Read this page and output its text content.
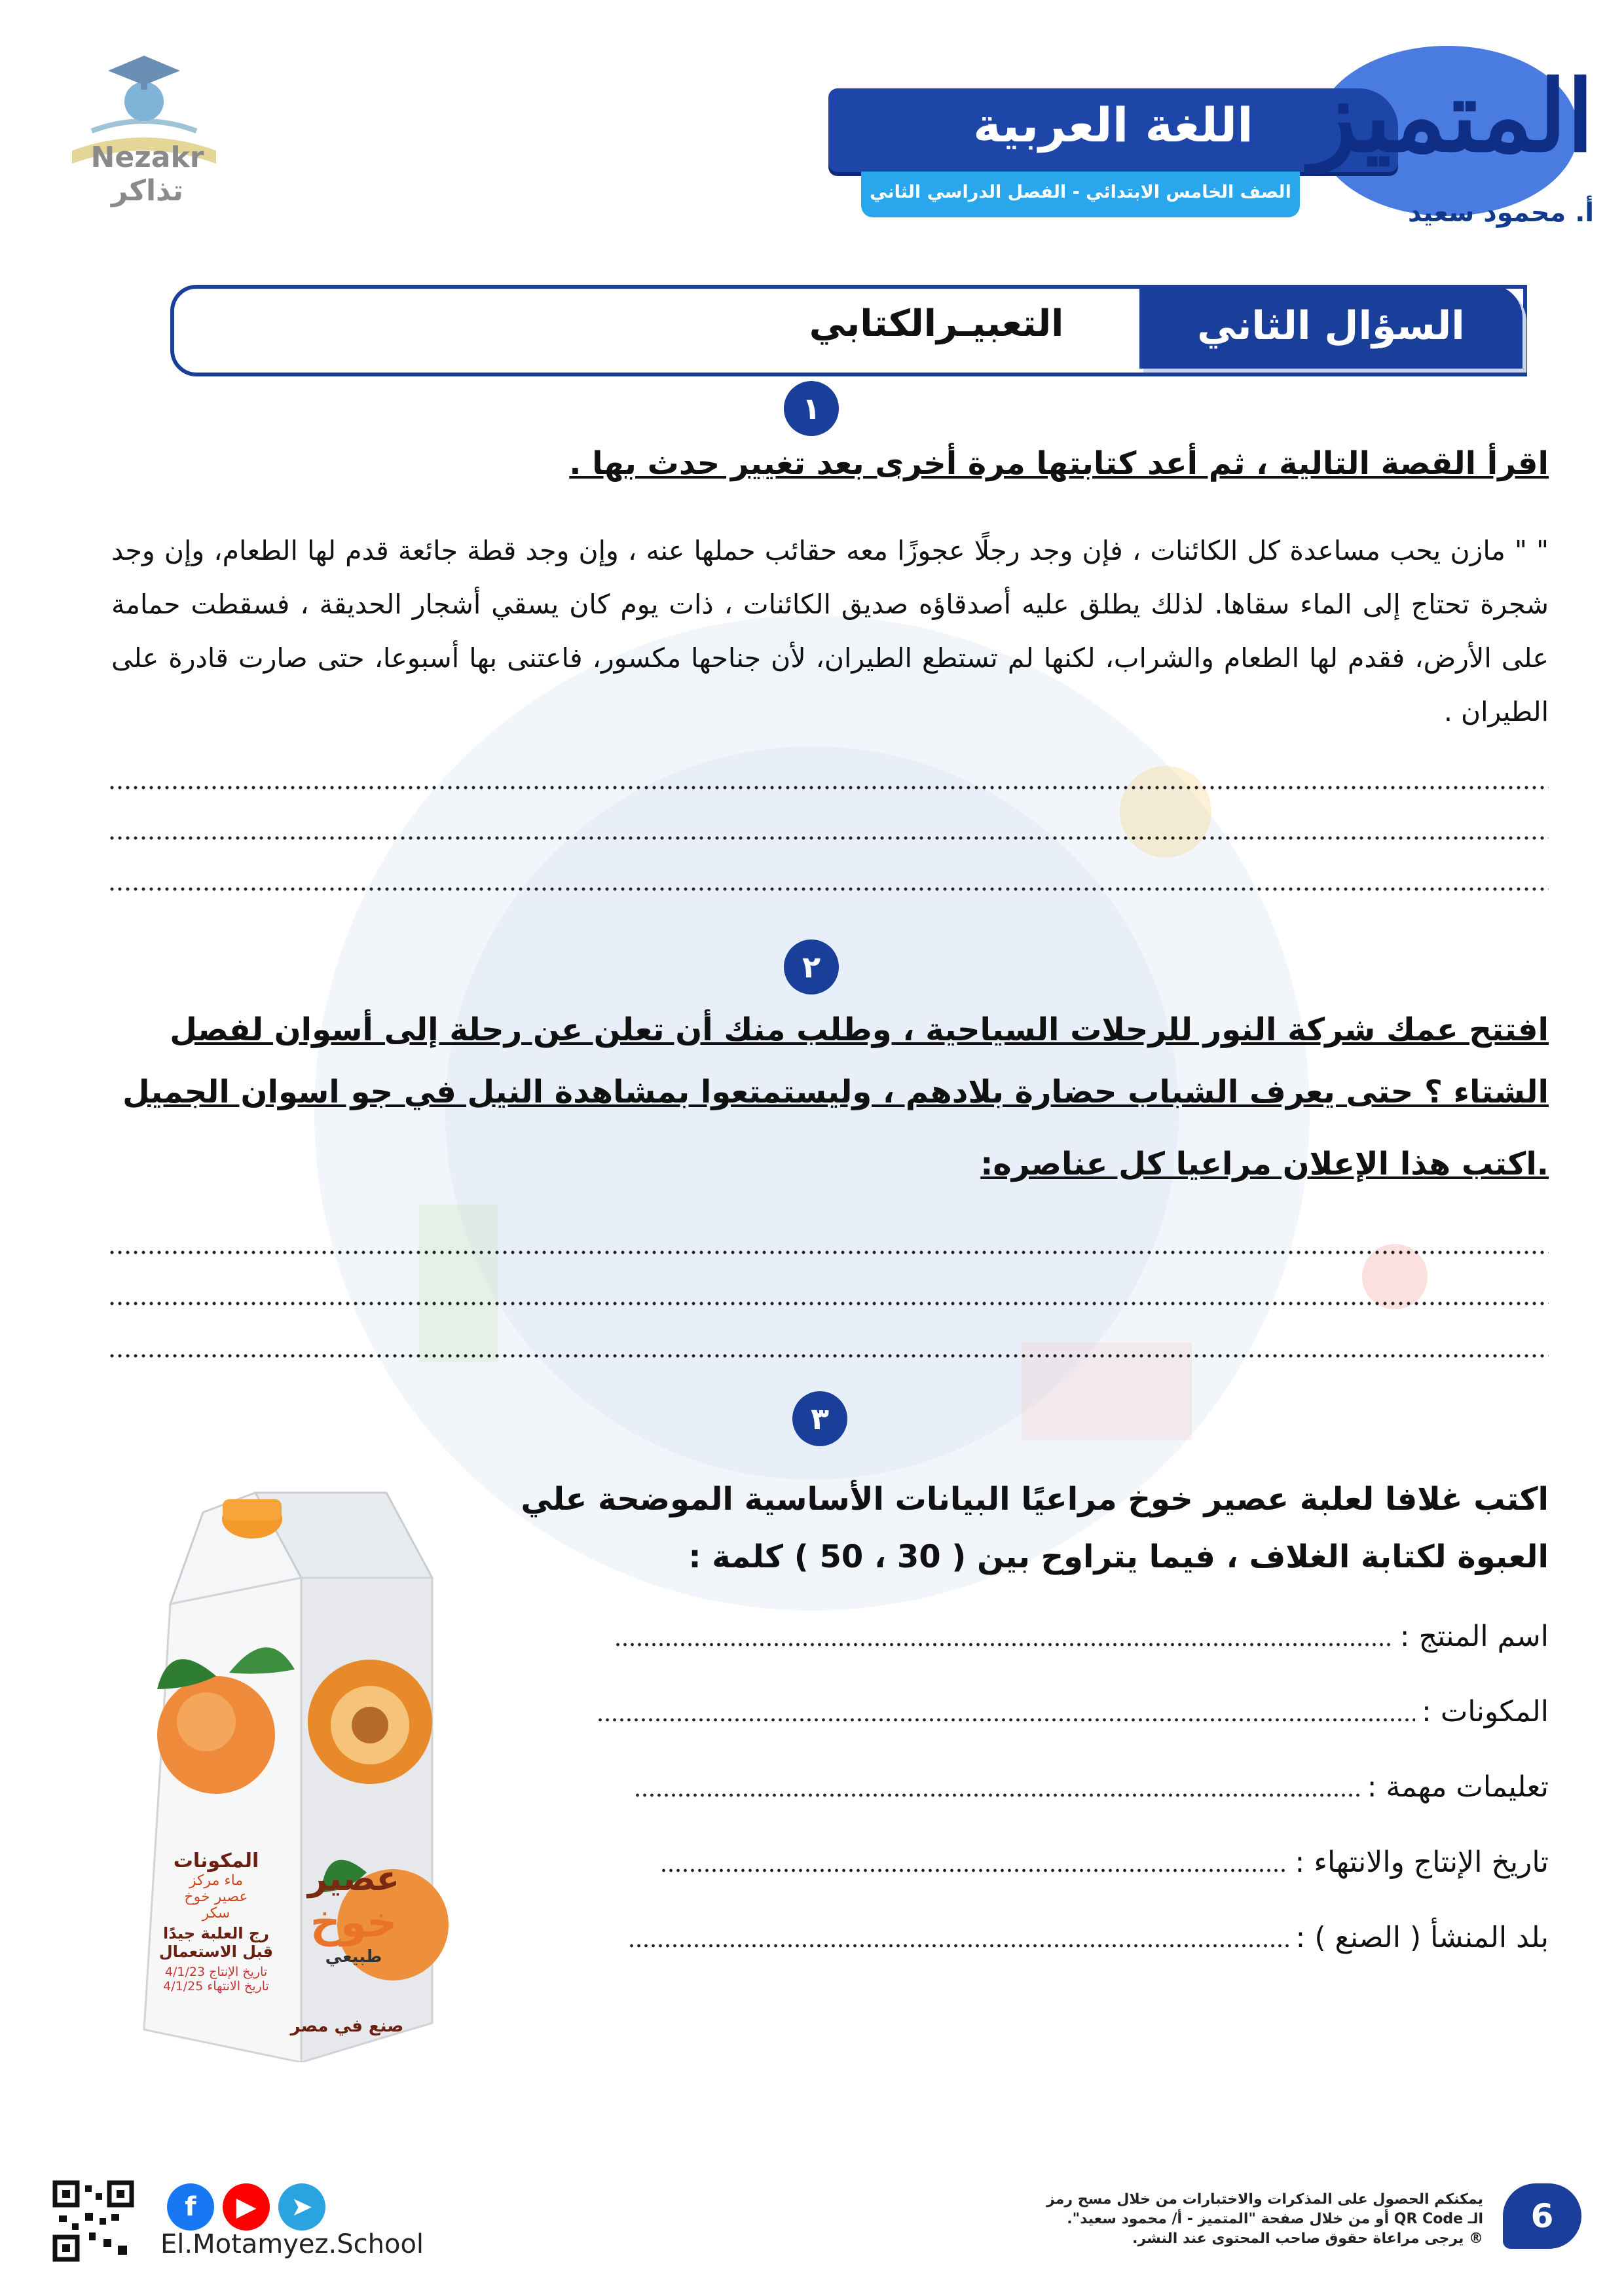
Nezakr تذاكر
المتميز
أ. محمود سعيد
اللغة العربية
الصف الخامس الابتدائي - الفصل الدراسي الثاني
السؤال الثاني
التعبيـرالكتابي
١
اقرأ القصة التالية ، ثم أعد كتابتها مرة أخرى بعد تغيير حدث بها .
" " مازن يحب مساعدة كل الكائنات ، فإن وجد رجلًا عجوزًا معه حقائب حملها عنه ، وإن وجد قطة جائعة قدم لها الطعام، وإن وجد شجرة تحتاج إلى الماء سقاها. لذلك يطلق عليه أصدقاؤه صديق الكائنات ، ذات يوم كان يسقي أشجار الحديقة ، فسقطت حمامة على الأرض، فقدم لها الطعام والشراب، لكنها لم تستطع الطيران، لأن جناحها مكسور، فاعتنى بها أسبوعا، حتى صارت قادرة على الطيران .
٢
افتتح عمك شركة النور للرحلات السياحية ، وطلب منك أن تعلن عن رحلة إلى أسوان لفصل
الشتاء ؟ حتى يعرف الشباب حضارة بلادهم ، وليستمتعوا بمشاهدة النيل في جو اسوان الجميل
.اكتب هذا الإعلان مراعيا كل عناصره:
٣
اكتب غلافا لعلبة عصير خوخ مراعيًا البيانات الأساسية الموضحة علي
العبوة لكتابة الغلاف ، فيما يتراوح بين ( 30 ، 50 ) كلمة :
اسم المنتج :
المكونات :
تعليمات مهمة :
تاريخ الإنتاج والانتهاء :
بلد المنشأ ( الصنع ) :
عصير
خوخ
طبيعي
المكونات
ماء مركز
عصير خوخ
سكر
رج العلبة جيدًا قبل الاستعمال
تاريخ الإنتاج 4/1/23
تاريخ الانتهاء 4/1/25
صنع في مصر
f	▶	➤
El.Motamyez.School
يمكنكم الحصول على المذكرات والاختبارات من خلال مسح رمز
الـ QR Code أو من خلال صفحة "المتميز - أ/ محمود سعيد".
® يرجى مراعاة حقوق صاحب المحتوى عند النشر.
6
